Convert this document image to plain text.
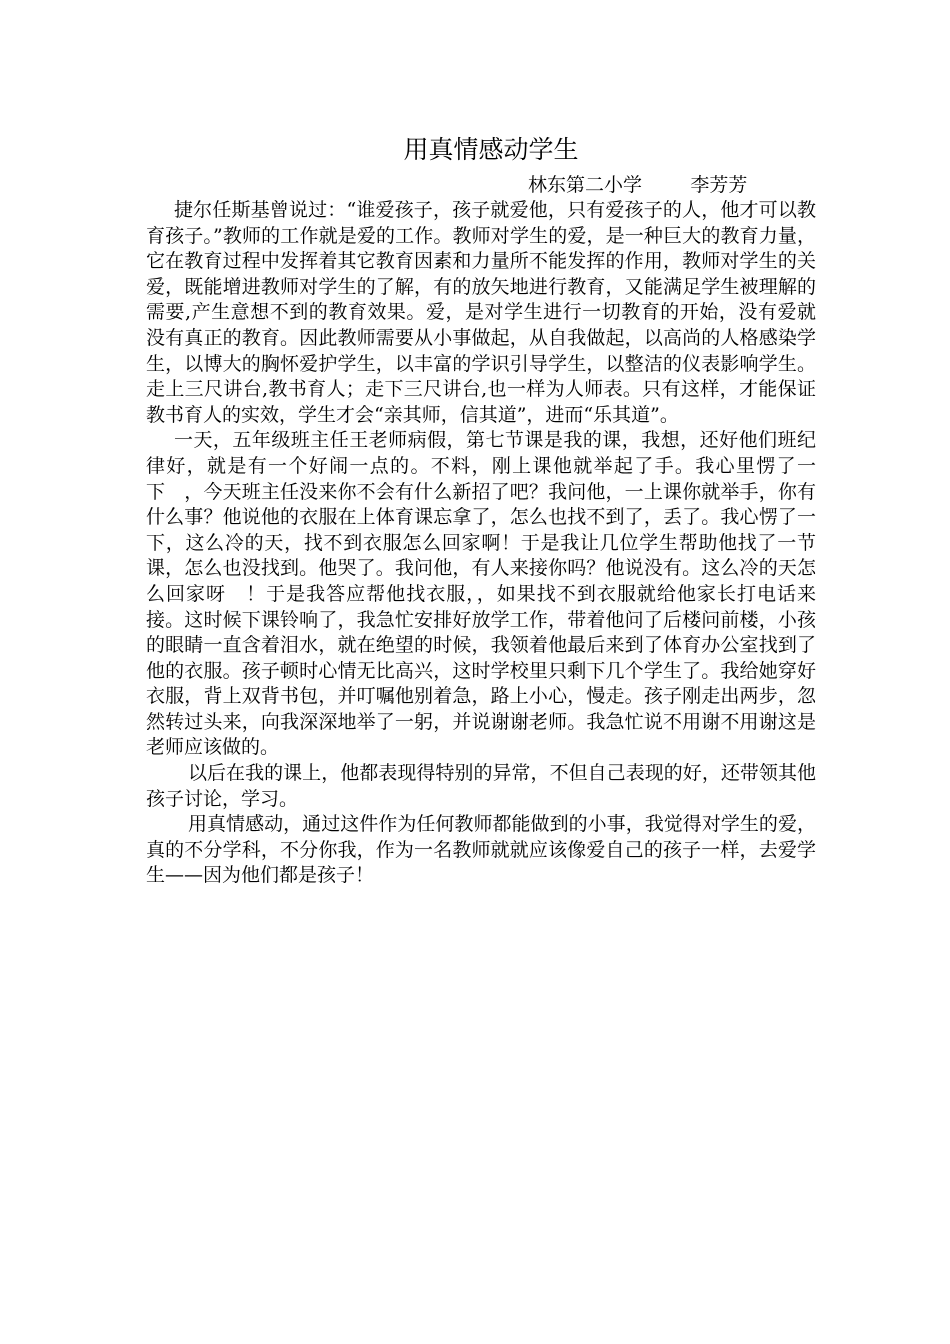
用真情感动学生

林东第二小学        李芳芳

捷尔任斯基曾说过：“谁爱孩子，孩子就爱他，只有爱孩子的人，他才可以教育孩子。”教师的工作就是爱的工作。教师对学生的爱，是一种巨大的教育力量，它在教育过程中发挥着其它教育因素和力量所不能发挥的作用，教师对学生的关爱，既能增进教师对学生的了解，有的放矢地进行教育，又能满足学生被理解的需要,产生意想不到的教育效果。爱，是对学生进行一切教育的开始，没有爱就没有真正的教育。因此教师需要从小事做起，从自我做起，以高尚的人格感染学生，以博大的胸怀爱护学生，以丰富的学识引导学生，以整洁的仪表影响学生。走上三尺讲台,教书育人；走下三尺讲台,也一样为人师表。只有这样，才能保证教书育人的实效，学生才会“亲其师，信其道”，进而“乐其道”。

一天，五年级班主任王老师病假，第七节课是我的课，我想，还好他们班纪律好，就是有一个好闹一点的。不料，刚上课他就举起了手。我心里愣了一下　，今天班主任没来你不会有什么新招了吧？我问他，一上课你就举手，你有什么事？他说他的衣服在上体育课忘拿了，怎么也找不到了，丢了。我心愣了一下，这么冷的天，找不到衣服怎么回家啊！于是我让几位学生帮助他找了一节课，怎么也没找到。他哭了。我问他，有人来接你吗？他说没有。这么冷的天怎么回家呀　！于是我答应帮他找衣服，，如果找不到衣服就给他家长打电话来接。这时候下课铃响了，我急忙安排好放学工作，带着他问了后楼问前楼，小孩的眼睛一直含着泪水，就在绝望的时候，我领着他最后来到了体育办公室找到了他的衣服。孩子顿时心情无比高兴，这时学校里只剩下几个学生了。我给她穿好衣服，背上双背书包，并叮嘱他别着急，路上小心，慢走。孩子刚走出两步，忽然转过头来，向我深深地举了一躬，并说谢谢老师。我急忙说不用谢不用谢这是老师应该做的。

以后在我的课上，他都表现得特别的异常，不但自己表现的好，还带领其他孩子讨论，学习。

用真情感动，通过这件作为任何教师都能做到的小事，我觉得对学生的爱，真的不分学科，不分你我，作为一名教师就就应该像爱自己的孩子一样，去爱学生——因为他们都是孩子！
